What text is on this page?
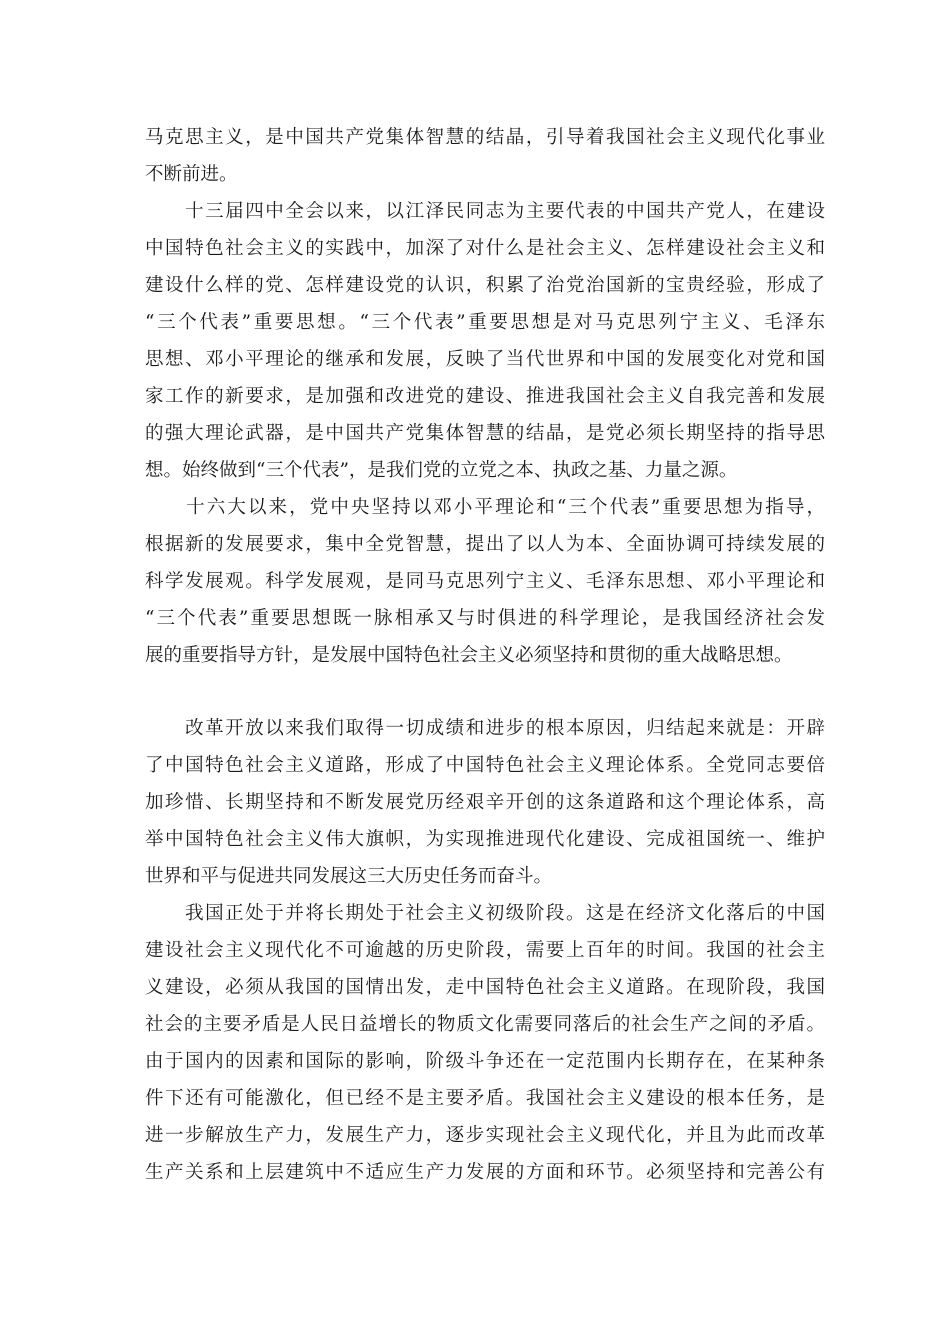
马克思主义，是中国共产党集体智慧的结晶，引导着我国社会主义现代化事业
不断前进。
　　十三届四中全会以来，以江泽民同志为主要代表的中国共产党人，在建设
中国特色社会主义的实践中，加深了对什么是社会主义、怎样建设社会主义和
建设什么样的党、怎样建设党的认识，积累了治党治国新的宝贵经验，形成了
“三个代表”重要思想。“三个代表”重要思想是对马克思列宁主义、毛泽东
思想、邓小平理论的继承和发展，反映了当代世界和中国的发展变化对党和国
家工作的新要求，是加强和改进党的建设、推进我国社会主义自我完善和发展
的强大理论武器，是中国共产党集体智慧的结晶，是党必须长期坚持的指导思
想。始终做到“三个代表”，是我们党的立党之本、执政之基、力量之源。
　　十六大以来，党中央坚持以邓小平理论和“三个代表”重要思想为指导，
根据新的发展要求，集中全党智慧，提出了以人为本、全面协调可持续发展的
科学发展观。科学发展观，是同马克思列宁主义、毛泽东思想、邓小平理论和
“三个代表”重要思想既一脉相承又与时俱进的科学理论，是我国经济社会发
展的重要指导方针，是发展中国特色社会主义必须坚持和贯彻的重大战略思想。
　　改革开放以来我们取得一切成绩和进步的根本原因，归结起来就是：开辟
了中国特色社会主义道路，形成了中国特色社会主义理论体系。全党同志要倍
加珍惜、长期坚持和不断发展党历经艰辛开创的这条道路和这个理论体系，高
举中国特色社会主义伟大旗帜，为实现推进现代化建设、完成祖国统一、维护
世界和平与促进共同发展这三大历史任务而奋斗。
　　我国正处于并将长期处于社会主义初级阶段。这是在经济文化落后的中国
建设社会主义现代化不可逾越的历史阶段，需要上百年的时间。我国的社会主
义建设，必须从我国的国情出发，走中国特色社会主义道路。在现阶段，我国
社会的主要矛盾是人民日益增长的物质文化需要同落后的社会生产之间的矛盾。
由于国内的因素和国际的影响，阶级斗争还在一定范围内长期存在，在某种条
件下还有可能激化，但已经不是主要矛盾。我国社会主义建设的根本任务，是
进一步解放生产力，发展生产力，逐步实现社会主义现代化，并且为此而改革
生产关系和上层建筑中不适应生产力发展的方面和环节。必须坚持和完善公有
